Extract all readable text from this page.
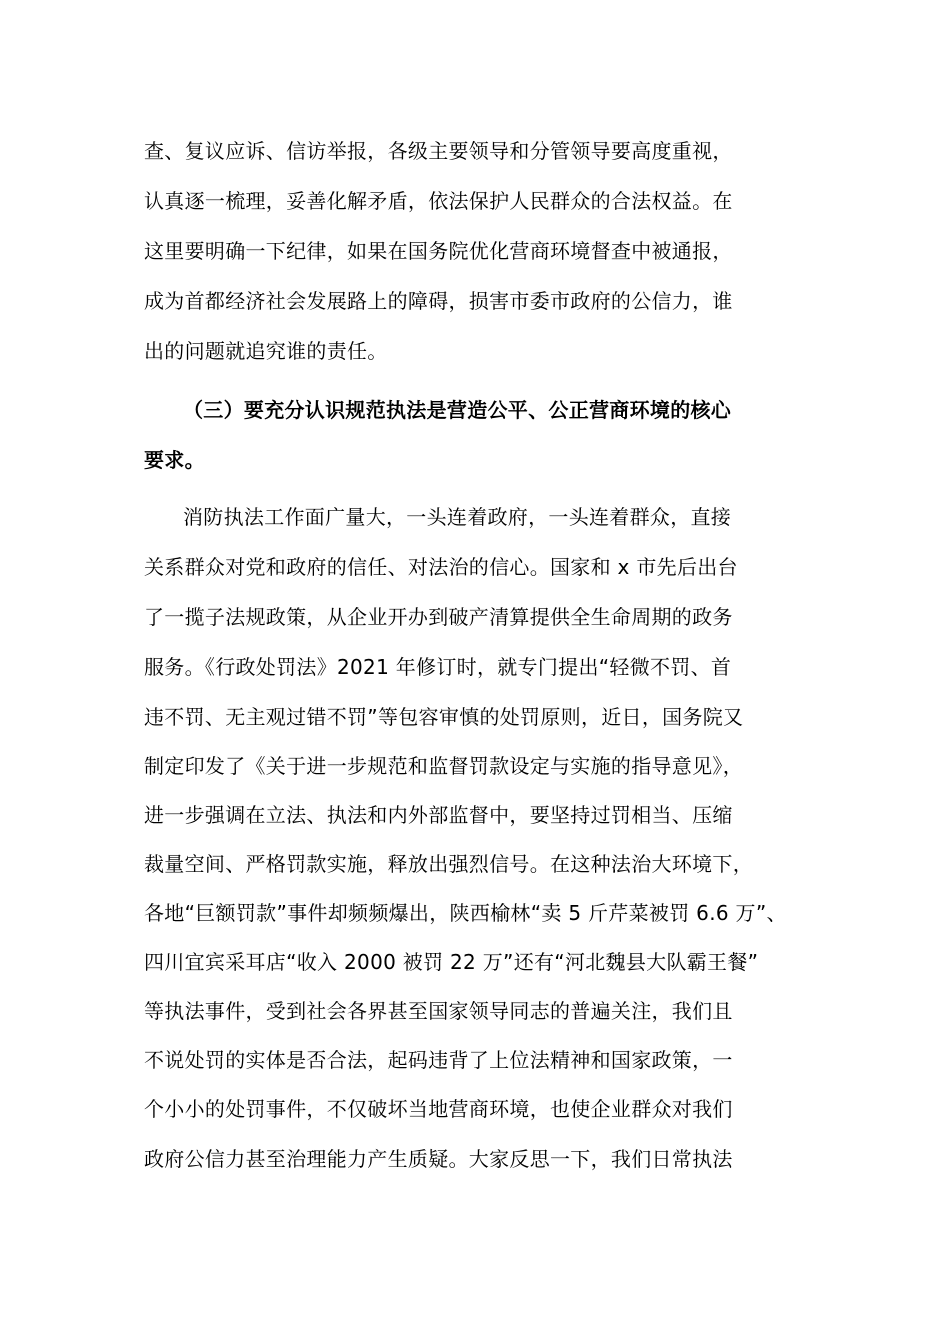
查、复议应诉、信访举报，各级主要领导和分管领导要高度重视，
认真逐一梳理，妥善化解矛盾，依法保护人民群众的合法权益。在
这里要明确一下纪律，如果在国务院优化营商环境督查中被通报，
成为首都经济社会发展路上的障碍，损害市委市政府的公信力，谁
出的问题就追究谁的责任。
（三）要充分认识规范执法是营造公平、公正营商环境的核心
要求。
消防执法工作面广量大，一头连着政府，一头连着群众，直接
关系群众对党和政府的信任、对法治的信心。国家和 x 市先后出台
了一揽子法规政策，从企业开办到破产清算提供全生命周期的政务
服务。《行政处罚法》2021 年修订时，就专门提出“轻微不罚、首
违不罚、无主观过错不罚”等包容审慎的处罚原则，近日，国务院又
制定印发了《关于进一步规范和监督罚款设定与实施的指导意见》，
进一步强调在立法、执法和内外部监督中，要坚持过罚相当、压缩
裁量空间、严格罚款实施，释放出强烈信号。在这种法治大环境下，
各地“巨额罚款”事件却频频爆出，陕西榆林“卖 5 斤芹菜被罚 6.6 万”、
四川宜宾采耳店“收入 2000 被罚 22 万”还有“河北魏县大队霸王餐”
等执法事件，受到社会各界甚至国家领导同志的普遍关注，我们且
不说处罚的实体是否合法，起码违背了上位法精神和国家政策，一
个小小的处罚事件，不仅破坏当地营商环境，也使企业群众对我们
政府公信力甚至治理能力产生质疑。大家反思一下，我们日常执法
